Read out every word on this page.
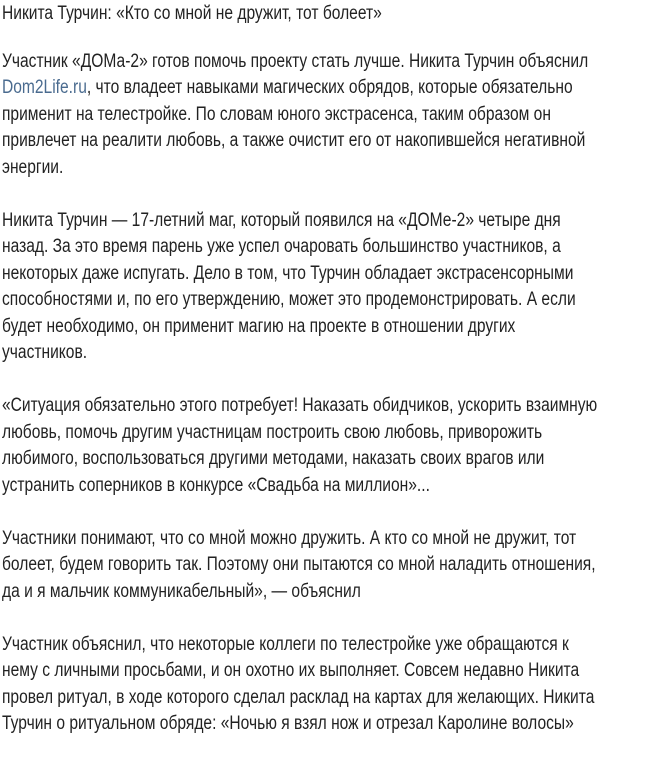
Никита Турчин: «Кто со мной не дружит, тот болеет»

Участник «ДОМа-2» готов помочь проекту стать лучше. Никита Турчин объяснил
Dom2Life.ru, что владеет навыками магических обрядов, которые обязательно
применит на телестройке. По словам юного экстрасенса, таким образом он
привлечет на реалити любовь, а также очистит его от накопившейся негативной
энергии.

Никита Турчин — 17-летний маг, который появился на «ДОМе-2» четыре дня
назад. За это время парень уже успел очаровать большинство участников, а
некоторых даже испугать. Дело в том, что Турчин обладает экстрасенсорными
способностями и, по его утверждению, может это продемонстрировать. А если
будет необходимо, он применит магию на проекте в отношении других
участников.

«Ситуация обязательно этого потребует! Наказать обидчиков, ускорить взаимную
любовь, помочь другим участницам построить свою любовь, приворожить
любимого, воспользоваться другими методами, наказать своих врагов или
устранить соперников в конкурсе «Свадьба на миллион»...

Участники понимают, что со мной можно дружить. А кто со мной не дружит, тот
болеет, будем говорить так. Поэтому они пытаются со мной наладить отношения,
да и я мальчик коммуникабельный», — объяснил

Участник объяснил, что некоторые коллеги по телестройке уже обращаются к
нему с личными просьбами, и он охотно их выполняет. Совсем недавно Никита
провел ритуал, в ходе которого сделал расклад на картах для желающих. Никита
Турчин о ритуальном обряде: «Ночью я взял нож и отрезал Каролине волосы»
